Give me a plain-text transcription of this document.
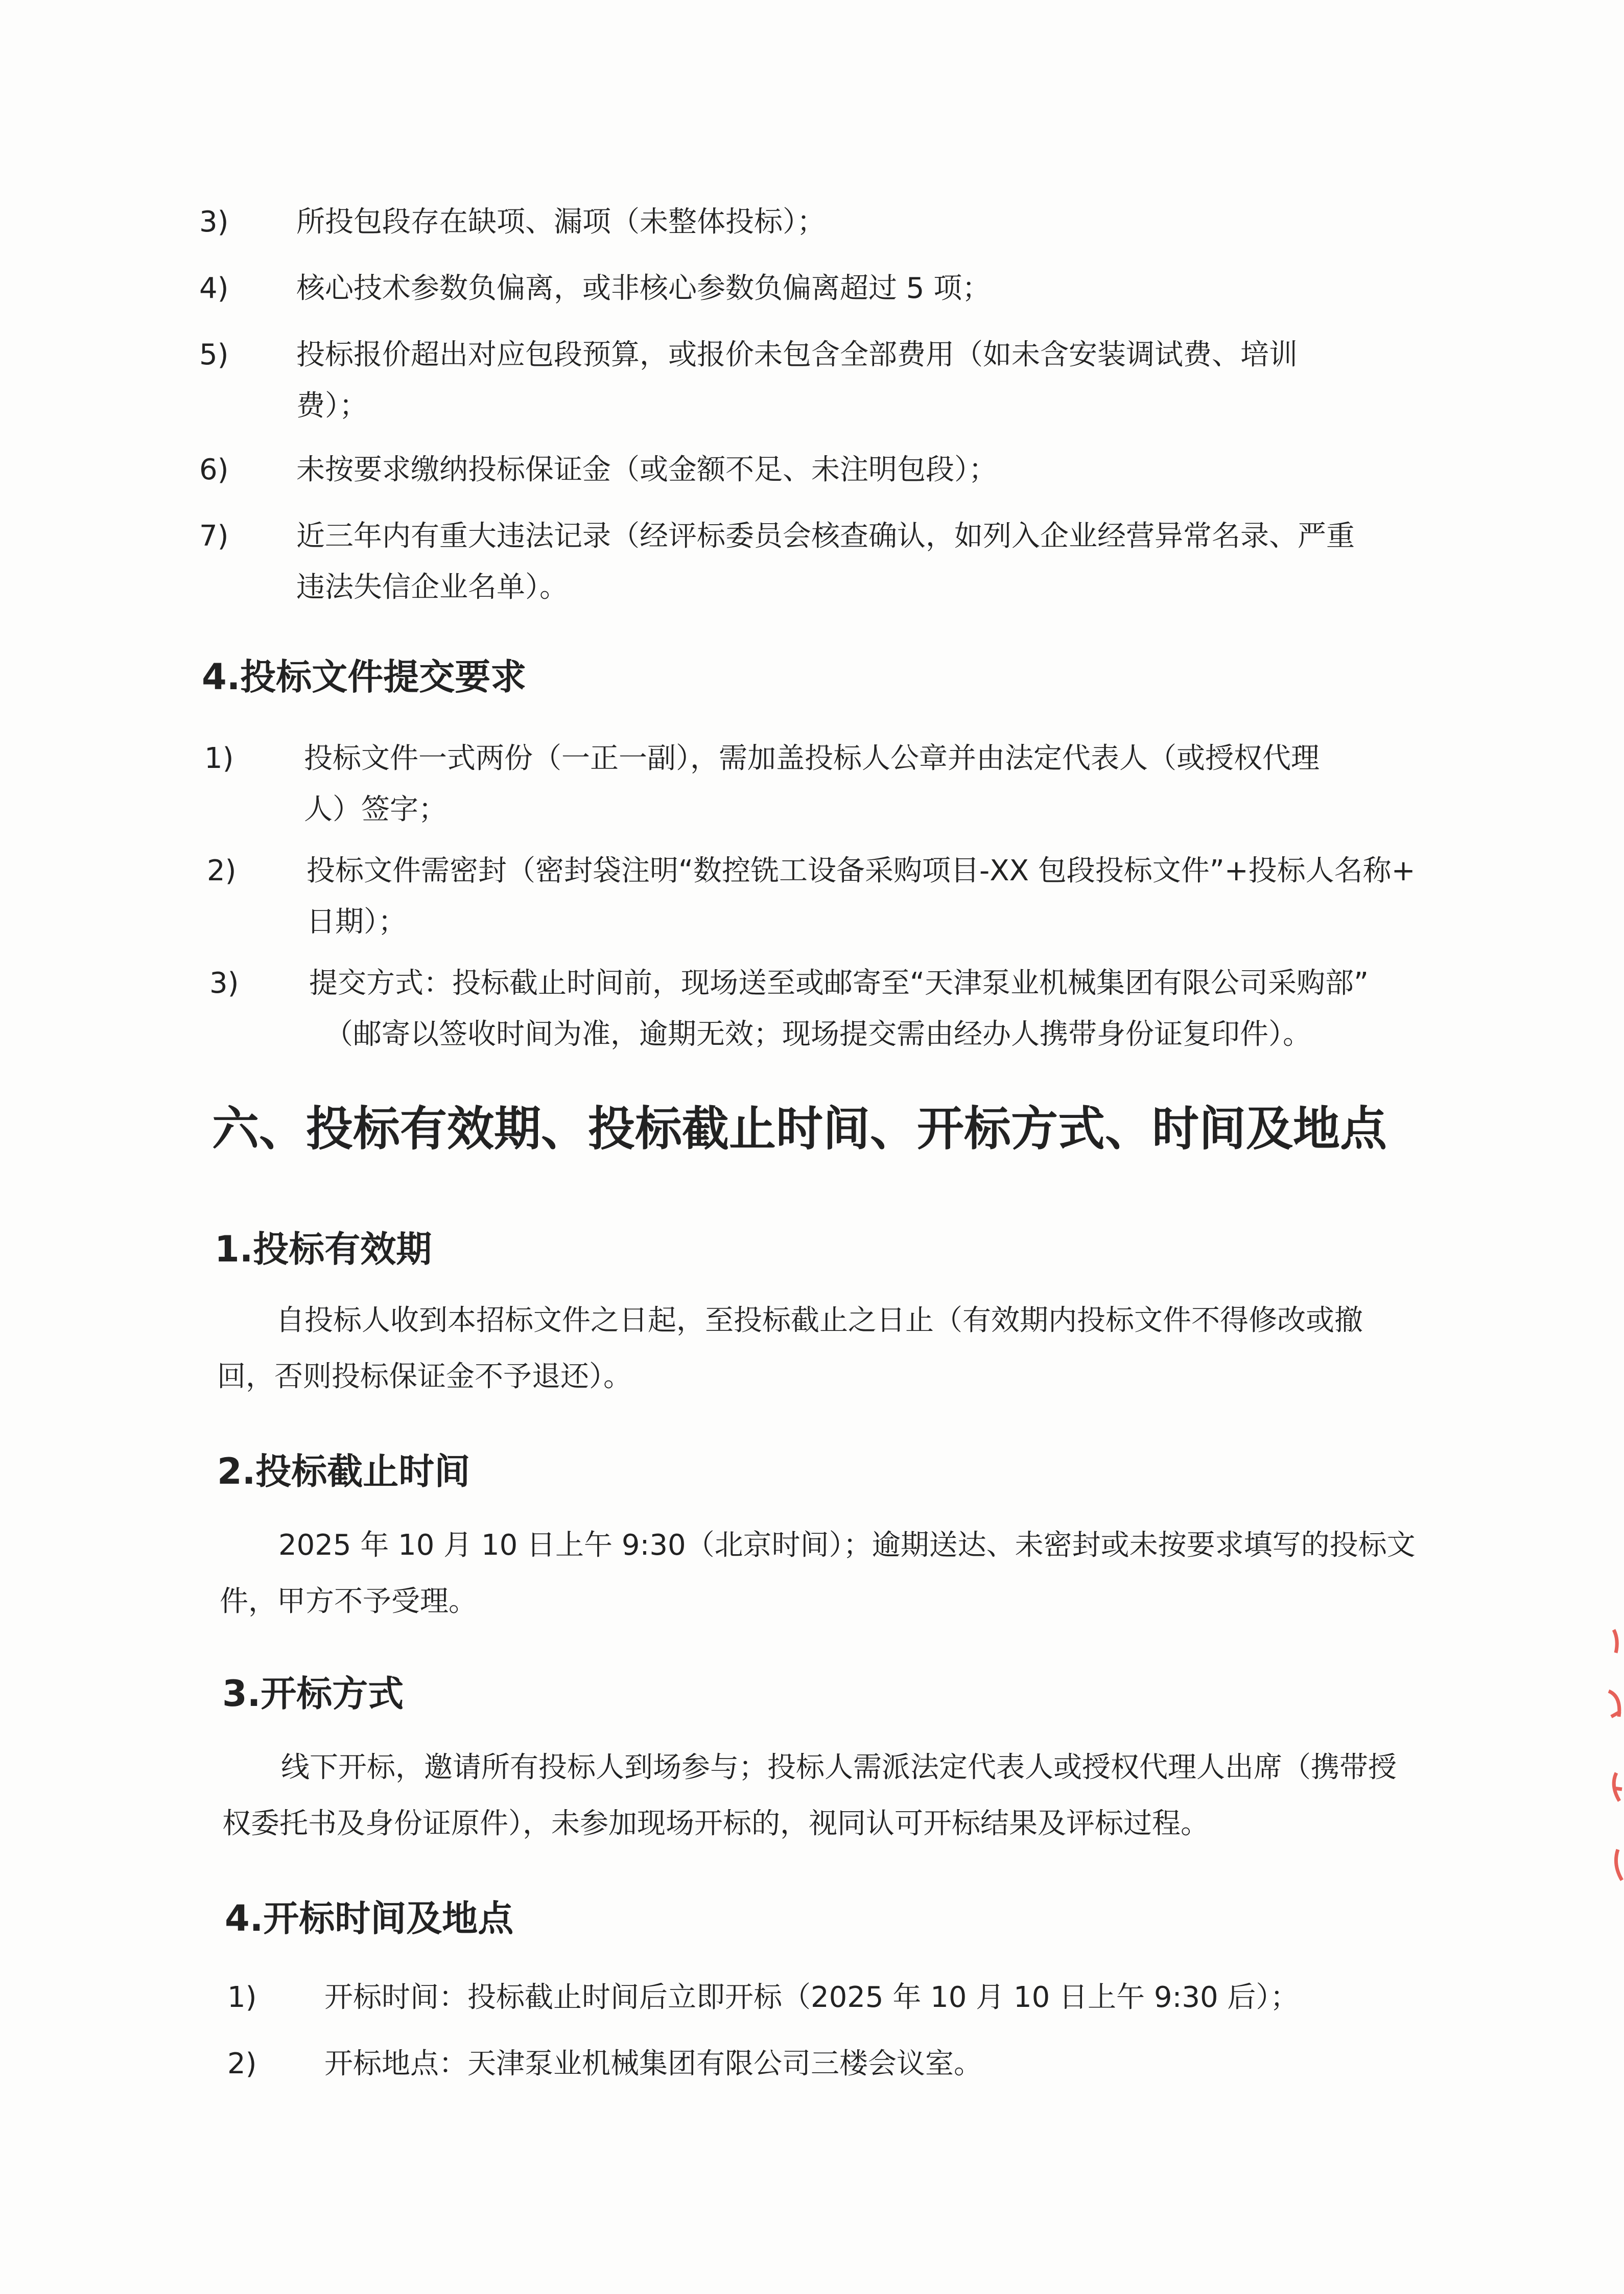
3) 所投包段存在缺项、漏项（未整体投标）；
4) 核心技术参数负偏离，或非核心参数负偏离超过 5 项；
5) 投标报价超出对应包段预算，或报价未包含全部费用（如未含安装调试费、培训
费）；
6) 未按要求缴纳投标保证金（或金额不足、未注明包段）；
7) 近三年内有重大违法记录（经评标委员会核查确认，如列入企业经营异常名录、严重
违法失信企业名单）。
4.投标文件提交要求
1) 投标文件一式两份（一正一副），需加盖投标人公章并由法定代表人（或授权代理
人）签字；
2) 投标文件需密封（密封袋注明“数控铣工设备采购项目-XX 包段投标文件”+投标人名称+
日期）；
3) 提交方式：投标截止时间前，现场送至或邮寄至“天津泵业机械集团有限公司采购部”
（邮寄以签收时间为准，逾期无效；现场提交需由经办人携带身份证复印件）。
六、投标有效期、投标截止时间、开标方式、时间及地点
1.投标有效期
自投标人收到本招标文件之日起，至投标截止之日止（有效期内投标文件不得修改或撤
回，否则投标保证金不予退还）。
2.投标截止时间
2025 年 10 月 10 日上午 9:30（北京时间）；逾期送达、未密封或未按要求填写的投标文
件，甲方不予受理。
3.开标方式
线下开标，邀请所有投标人到场参与；投标人需派法定代表人或授权代理人出席（携带授
权委托书及身份证原件），未参加现场开标的，视同认可开标结果及评标过程。
4.开标时间及地点
1) 开标时间：投标截止时间后立即开标（2025 年 10 月 10 日上午 9:30 后）；
2) 开标地点：天津泵业机械集团有限公司三楼会议室。
